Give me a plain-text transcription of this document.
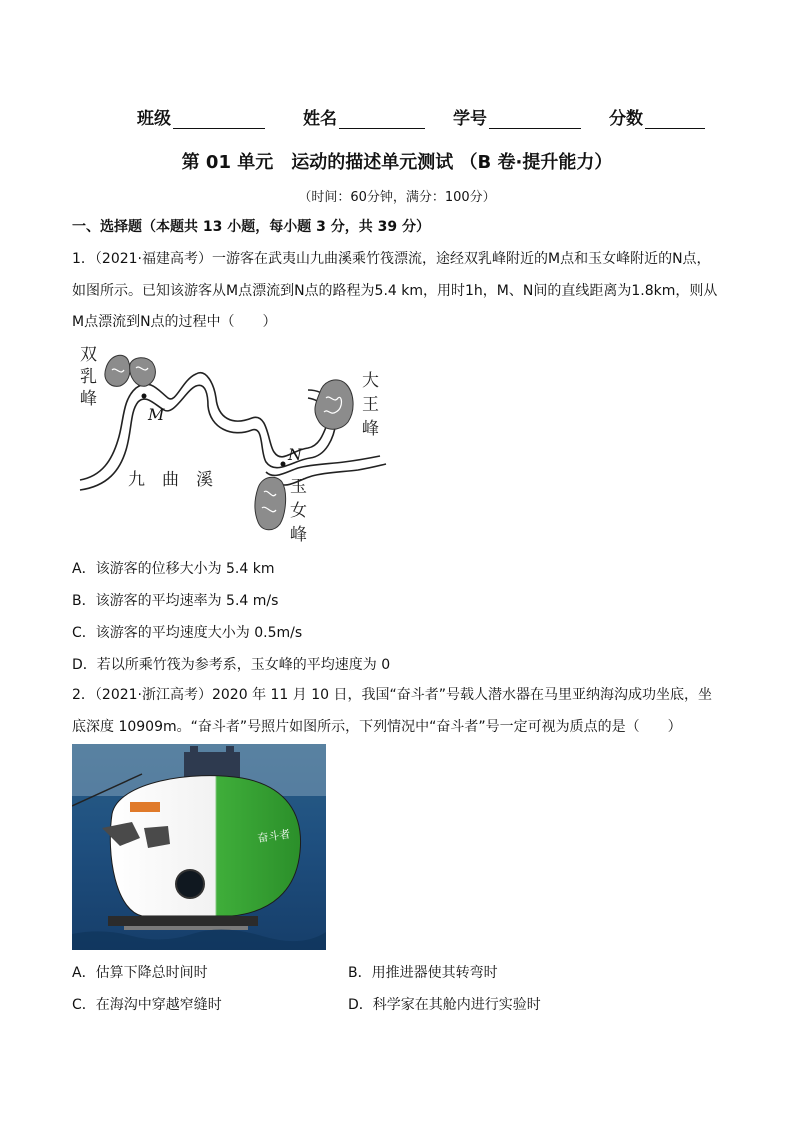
班级	姓名	学号	分数
第 01 单元　运动的描述单元测试 （B 卷·提升能力）
（时间：60分钟，满分：100分）
一、选择题（本题共 13 小题，每小题 3 分，共 39 分）
1．（2021·福建高考）一游客在武夷山九曲溪乘竹筏漂流，途经双乳峰附近的M点和玉女峰附近的N点，如图所示。已知该游客从M点漂流到N点的路程为5.4 km，用时1h，M、N间的直线距离为1.8km，则从M点漂流到N点的过程中（　　）
双
乳
峰
大
王
峰
玉
女
峰
九　曲　溪
M
N
A．该游客的位移大小为 5.4 km
B．该游客的平均速率为 5.4 m/s
C．该游客的平均速度大小为 0.5m/s
D．若以所乘竹筏为参考系，玉女峰的平均速度为 0
2．（2021·浙江高考）2020 年 11 月 10 日，我国“奋斗者”号载人潜水器在马里亚纳海沟成功坐底，坐底深度 10909m。“奋斗者”号照片如图所示，下列情况中“奋斗者”号一定可视为质点的是（　　）
奋斗者
A．估算下降总时间时	B．用推进器使其转弯时
C．在海沟中穿越窄缝时	D．科学家在其舱内进行实验时
